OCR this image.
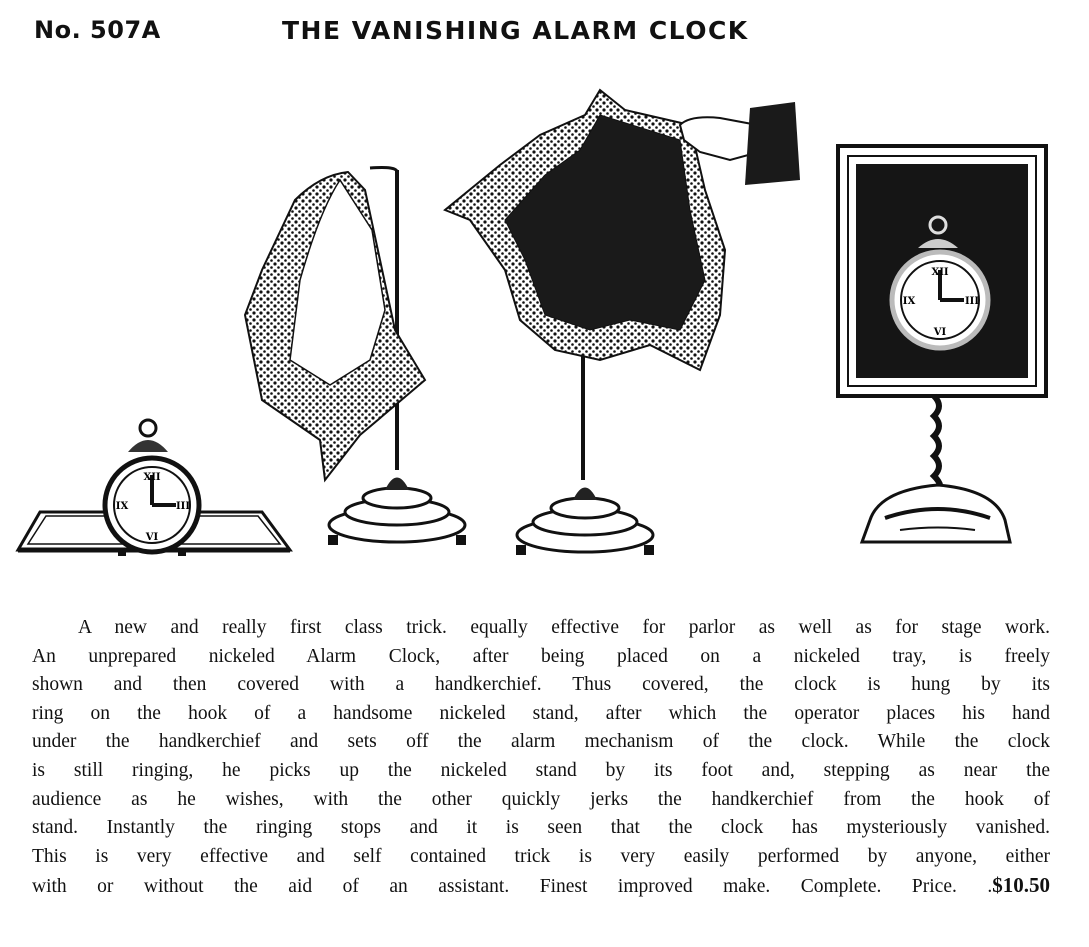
No. 507A	THE VANISHING ALARM CLOCK
XII
III
VI
IX
XII
III
VI
IX
A new and really first class trick. equally effective for parlor as well as for stage work.
An unprepared nickeled Alarm Clock, after being placed on a nickeled tray, is freely
shown and then covered with a handkerchief. Thus covered, the clock is hung by its
ring on the hook of a handsome nickeled stand, after which the operator places his hand
under the handkerchief and sets off the alarm mechanism of the clock. While the clock
is still ringing, he picks up the nickeled stand by its foot and, stepping as near the
audience as he wishes, with the other quickly jerks the handkerchief from the hook of
stand. Instantly the ringing stops and it is seen that the clock has mysteriously vanished.
This is very effective and self contained trick is very easily performed by anyone, either
with or without the aid of an assistant. Finest improved make. Complete. Price. .$10.50
